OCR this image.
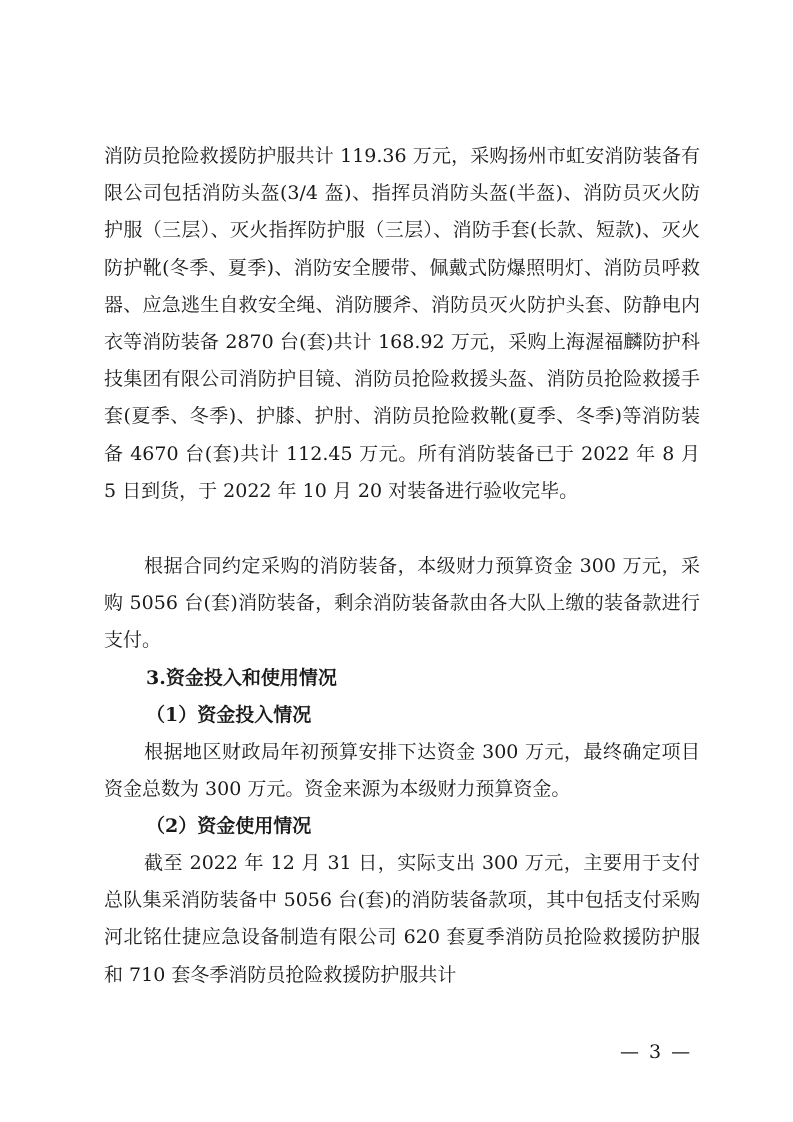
消防员抢险救援防护服共计 119.36 万元，采购扬州市虹安消防装备有限公司包括消防头盔(3/4 盔)、指挥员消防头盔(半盔)、消防员灭火防护服（三层）、灭火指挥防护服（三层）、消防手套(长款、短款)、灭火防护靴(冬季、夏季)、消防安全腰带、佩戴式防爆照明灯、消防员呼救器、应急逃生自救安全绳、消防腰斧、消防员灭火防护头套、防静电内衣等消防装备 2870 台(套)共计 168.92 万元，采购上海渥福麟防护科技集团有限公司消防护目镜、消防员抢险救援头盔、消防员抢险救援手套(夏季、冬季)、护膝、护肘、消防员抢险救靴(夏季、冬季)等消防装备 4670 台(套)共计 112.45 万元。所有消防装备已于 2022 年 8 月 5 日到货，于 2022 年 10 月 20 对装备进行验收完毕。

根据合同约定采购的消防装备，本级财力预算资金 300 万元，采购 5056 台(套)消防装备，剩余消防装备款由各大队上缴的装备款进行支付。

3.资金投入和使用情况

（1）资金投入情况

根据地区财政局年初预算安排下达资金 300 万元，最终确定项目资金总数为 300 万元。资金来源为本级财力预算资金。

（2）资金使用情况

截至 2022 年 12 月 31 日，实际支出 300 万元，主要用于支付总队集采消防装备中 5056 台(套)的消防装备款项，其中包括支付采购河北铭仕捷应急设备制造有限公司 620 套夏季消防员抢险救援防护服和 710 套冬季消防员抢险救援防护服共计

— 3 —
